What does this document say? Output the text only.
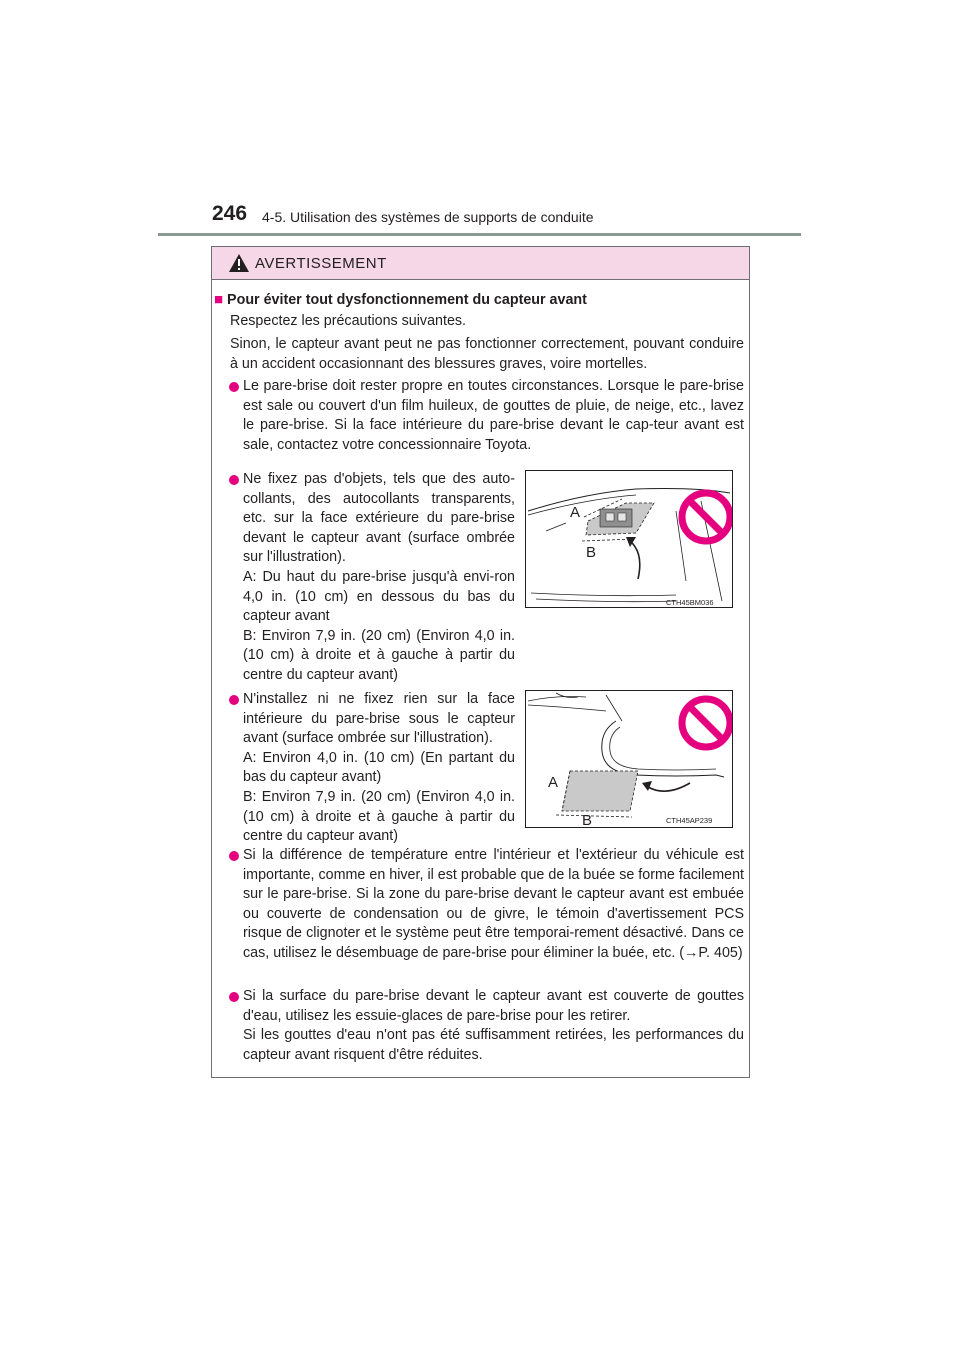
246 4-5. Utilisation des systèmes de supports de conduite
AVERTISSEMENT
■ Pour éviter tout dysfonctionnement du capteur avant
Respectez les précautions suivantes.
Sinon, le capteur avant peut ne pas fonctionner correctement, pouvant conduire à un accident occasionnant des blessures graves, voire mortelles.
Le pare-brise doit rester propre en toutes circonstances. Lorsque le pare-brise est sale ou couvert d'un film huileux, de gouttes de pluie, de neige, etc., lavez le pare-brise. Si la face intérieure du pare-brise devant le cap-teur avant est sale, contactez votre concessionnaire Toyota.
Ne fixez pas d'objets, tels que des auto-collants, des autocollants transparents, etc. sur la face extérieure du pare-brise devant le capteur avant (surface ombrée sur l'illustration).
A: Du haut du pare-brise jusqu'à envi-ron 4,0 in. (10 cm) en dessous du bas du capteur avant
B: Environ 7,9 in. (20 cm) (Environ 4,0 in. (10 cm) à droite et à gauche à partir du centre du capteur avant)
A
B
CTH45BM036
N'installez ni ne fixez rien sur la face intérieure du pare-brise sous le capteur avant (surface ombrée sur l'illustration).
A: Environ 4,0 in. (10 cm) (En partant du bas du capteur avant)
B: Environ 7,9 in. (20 cm) (Environ 4,0 in. (10 cm) à droite et à gauche à partir du centre du capteur avant)
A
B	CTH45AP239
Si la différence de température entre l'intérieur et l'extérieur du véhicule est importante, comme en hiver, il est probable que de la buée se forme facilement sur le pare-brise. Si la zone du pare-brise devant le capteur avant est embuée ou couverte de condensation ou de givre, le témoin d'avertissement PCS risque de clignoter et le système peut être temporai-rement désactivé. Dans ce cas, utilisez le désembuage de pare-brise pour éliminer la buée, etc. (→P. 405)
Si la surface du pare-brise devant le capteur avant est couverte de gouttes d'eau, utilisez les essuie-glaces de pare-brise pour les retirer.
Si les gouttes d'eau n'ont pas été suffisamment retirées, les performances du capteur avant risquent d'être réduites.
